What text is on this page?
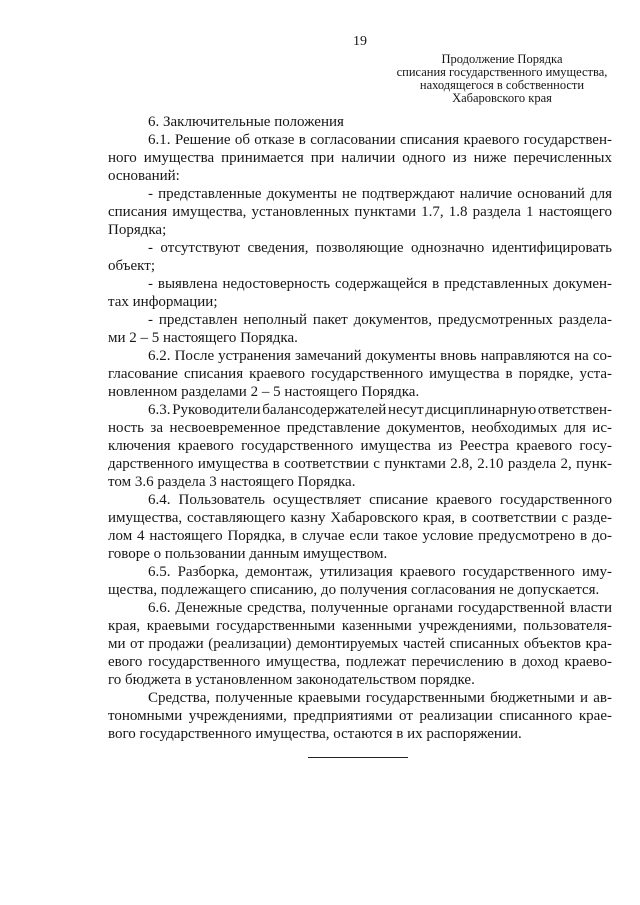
19
Продолжение Порядка
списания государственного имущества,
находящегося в собственности
Хабаровского края
6. Заключительные положения
6.1. Решение об отказе в согласовании списания краевого государствен-
ного имущества принимается при наличии одного из ниже перечисленных
оснований:
- представленные документы не подтверждают наличие оснований для
списания имущества, установленных пунктами 1.7, 1.8 раздела 1 настоящего
Порядка;
- отсутствуют сведения, позволяющие однозначно идентифицировать
объект;
- выявлена недостоверность содержащейся в представленных докумен-
тах информации;
- представлен неполный пакет документов, предусмотренных раздела-
ми 2 – 5 настоящего Порядка.
6.2. После устранения замечаний документы вновь направляются на со-
гласование списания краевого государственного имущества в порядке, уста-
новленном разделами 2 – 5 настоящего Порядка.
6.3. Руководители балансодержателей несут дисциплинарную ответствен-
ность за несвоевременное представление документов, необходимых для ис-
ключения краевого государственного имущества из Реестра краевого госу-
дарственного имущества в соответствии с пунктами 2.8, 2.10 раздела 2, пунк-
том 3.6 раздела 3 настоящего Порядка.
6.4. Пользователь осуществляет списание краевого государственного
имущества, составляющего казну Хабаровского края, в соответствии с разде-
лом 4 настоящего Порядка, в случае если такое условие предусмотрено в до-
говоре о пользовании данным имуществом.
6.5. Разборка, демонтаж, утилизация краевого государственного иму-
щества, подлежащего списанию, до получения согласования не допускается.
6.6. Денежные средства, полученные органами государственной власти
края, краевыми государственными казенными учреждениями, пользователя-
ми от продажи (реализации) демонтируемых частей списанных объектов кра-
евого государственного имущества, подлежат перечислению в доход краево-
го бюджета в установленном законодательством порядке.
Средства, полученные краевыми государственными бюджетными и ав-
тономными учреждениями, предприятиями от реализации списанного крае-
вого государственного имущества, остаются в их распоряжении.
